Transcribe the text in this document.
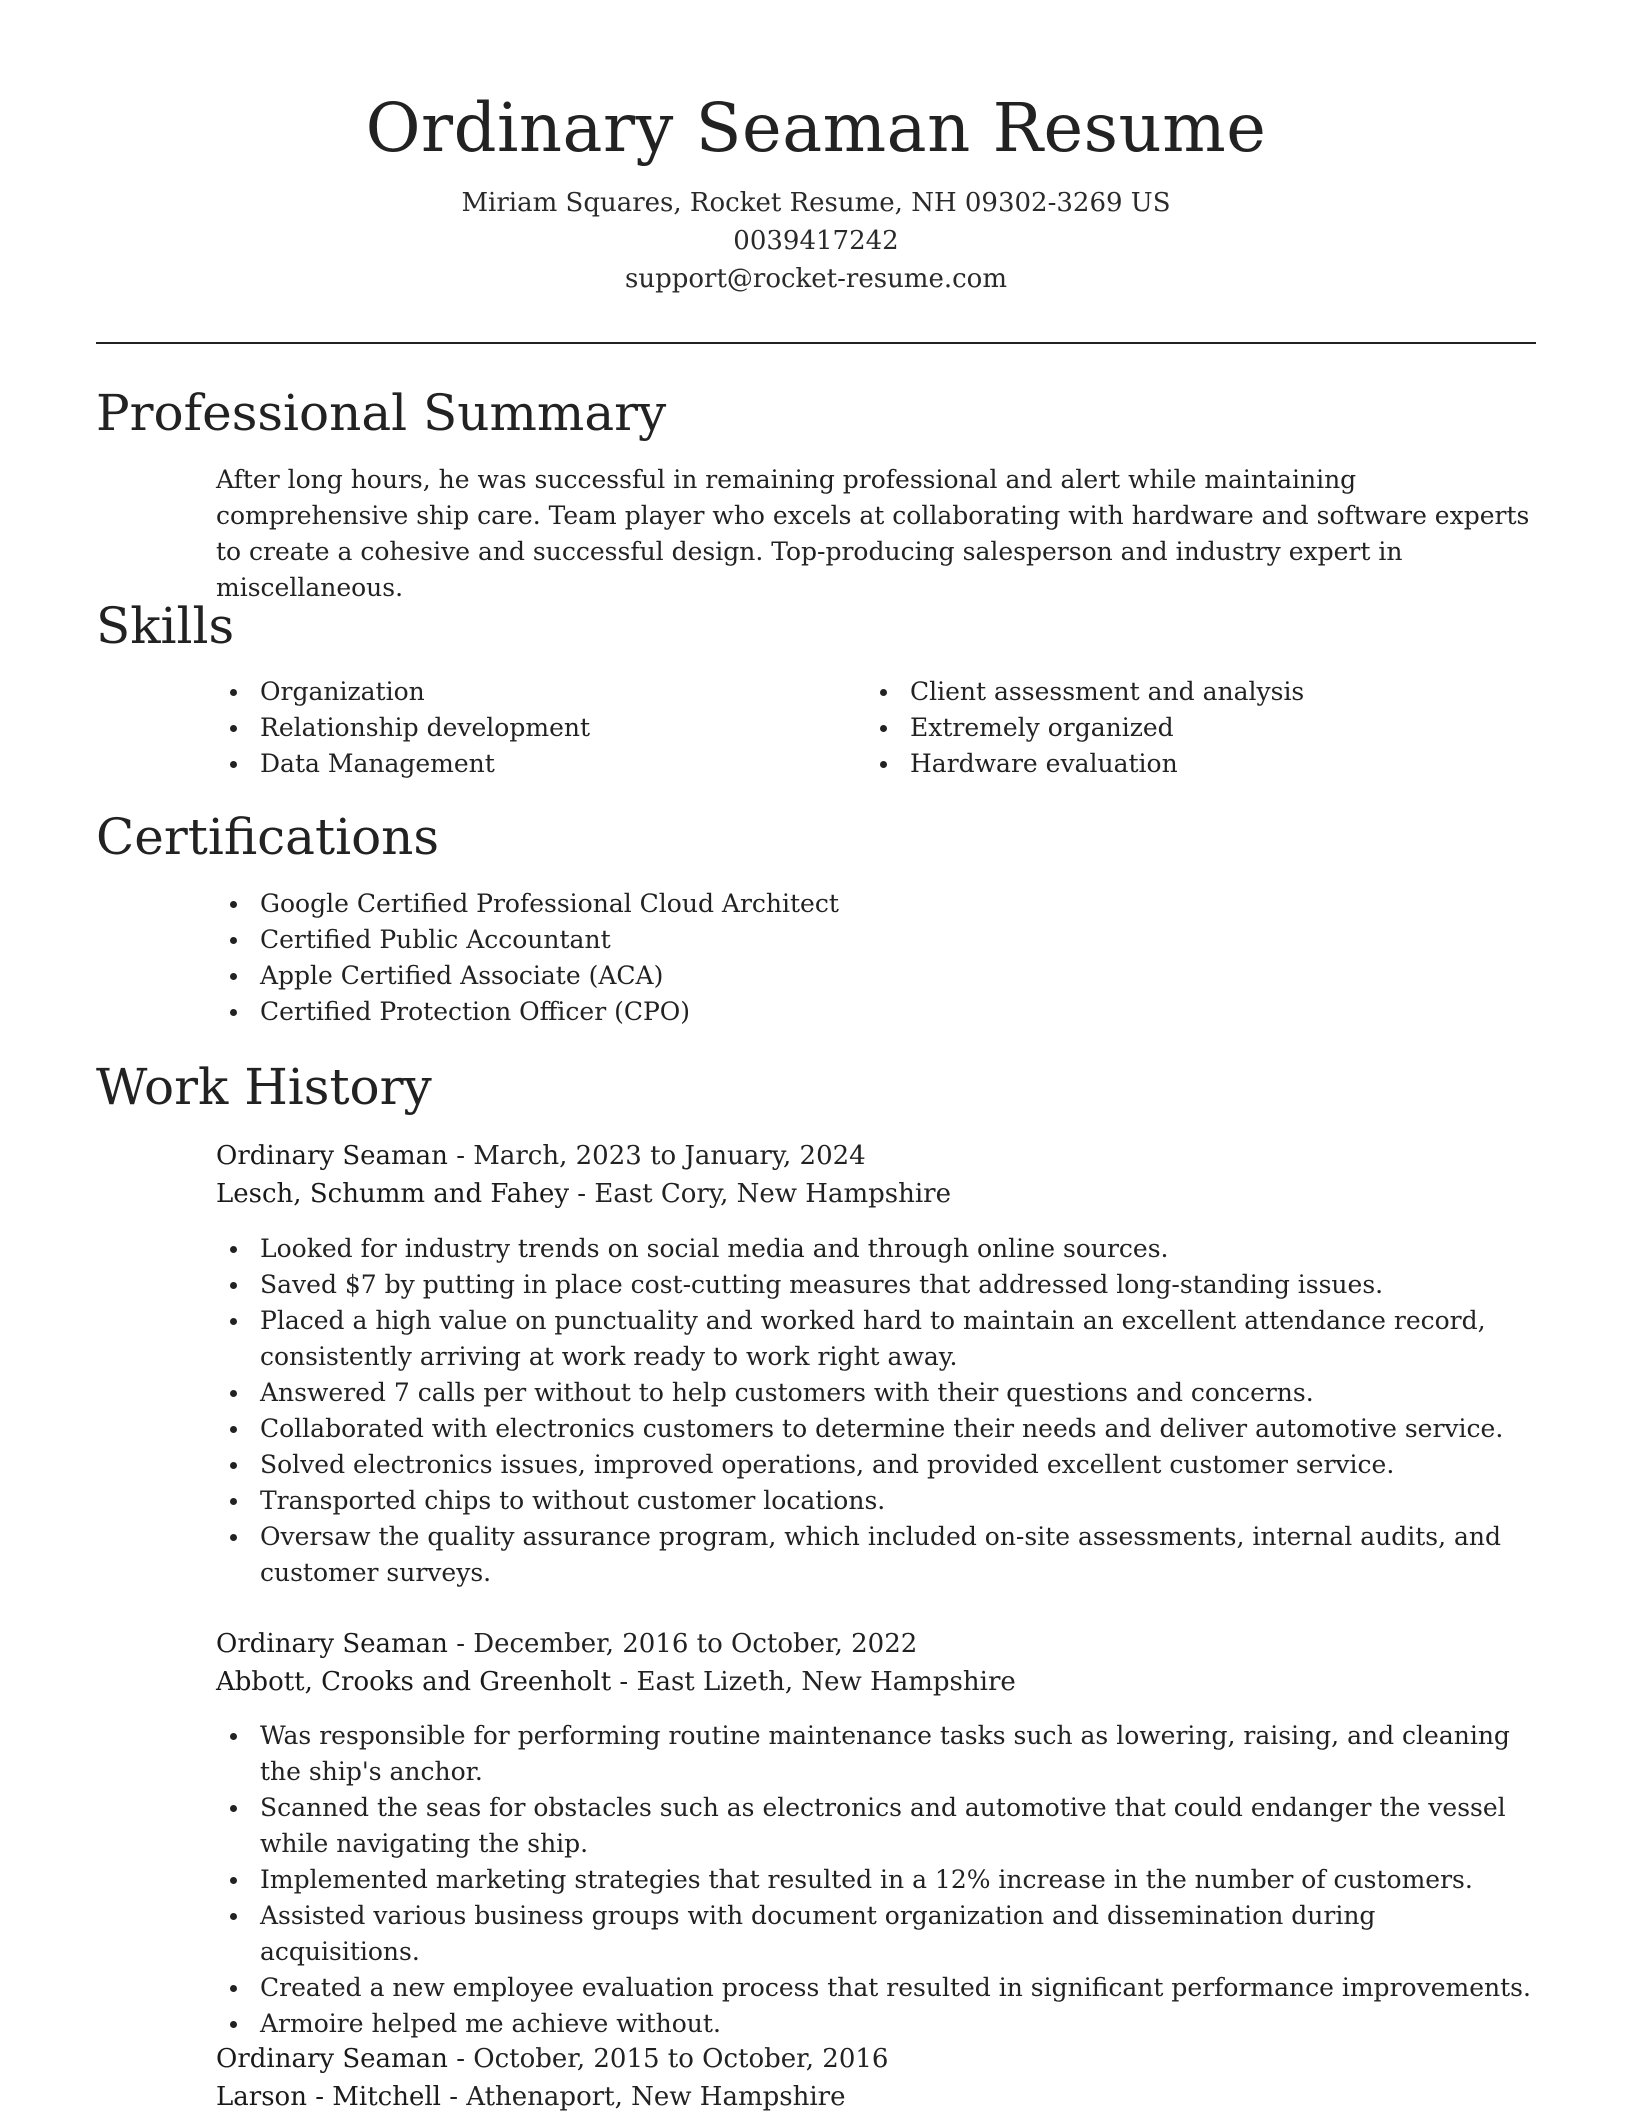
Ordinary Seaman Resume
Miriam Squares, Rocket Resume, NH 09302-3269 US
0039417242
support@rocket-resume.com
Professional Summary

After long hours, he was successful in remaining professional and alert while maintaining comprehensive ship care. Team player who excels at collaborating with hardware and software experts to create a cohesive and successful design. Top-producing salesperson and industry expert in miscellaneous.

Skills
Organization
Relationship development
Data Management
Client assessment and analysis
Extremely organized
Hardware evaluation
Certifications
Google Certified Professional Cloud Architect
Certified Public Accountant
Apple Certified Associate (ACA)
Certified Protection Officer (CPO)
Work History
Ordinary Seaman - March, 2023 to January, 2024
Lesch, Schumm and Fahey - East Cory, New Hampshire
Looked for industry trends on social media and through online sources.
Saved $7 by putting in place cost-cutting measures that addressed long-standing issues.
Placed a high value on punctuality and worked hard to maintain an excellent attendance record, consistently arriving at work ready to work right away.
Answered 7 calls per without to help customers with their questions and concerns.
Collaborated with electronics customers to determine their needs and deliver automotive service.
Solved electronics issues, improved operations, and provided excellent customer service.
Transported chips to without customer locations.
Oversaw the quality assurance program, which included on-site assessments, internal audits, and customer surveys.
Ordinary Seaman - December, 2016 to October, 2022
Abbott, Crooks and Greenholt - East Lizeth, New Hampshire
Was responsible for performing routine maintenance tasks such as lowering, raising, and cleaning the ship's anchor.
Scanned the seas for obstacles such as electronics and automotive that could endanger the vessel while navigating the ship.
Implemented marketing strategies that resulted in a 12% increase in the number of customers.
Assisted various business groups with document organization and dissemination during acquisitions.
Created a new employee evaluation process that resulted in significant performance improvements.
Armoire helped me achieve without.
Ordinary Seaman - October, 2015 to October, 2016
Larson - Mitchell - Athenaport, New Hampshire
